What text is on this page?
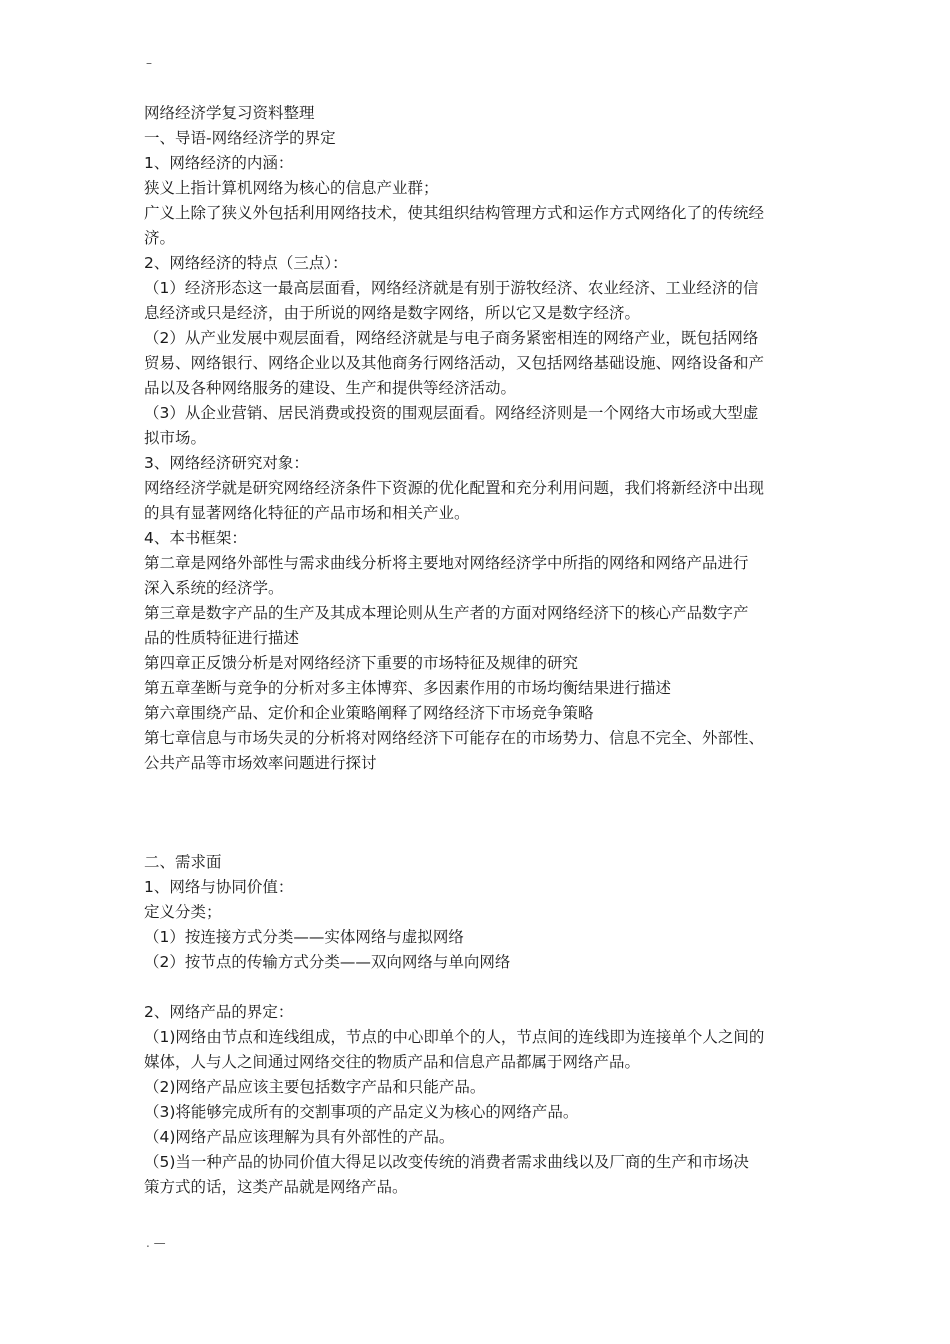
–
网络经济学复习资料整理
一、导语-网络经济学的界定
1、网络经济的内涵：
狭义上指计算机网络为核心的信息产业群；
广义上除了狭义外包括利用网络技术，使其组织结构管理方式和运作方式网络化了的传统经
济。
2、网络经济的特点（三点）：
（1）经济形态这一最高层面看，网络经济就是有别于游牧经济、农业经济、工业经济的信
息经济或只是经济，由于所说的网络是数字网络，所以它又是数字经济。
（2）从产业发展中观层面看，网络经济就是与电子商务紧密相连的网络产业，既包括网络
贸易、网络银行、网络企业以及其他商务行网络活动，又包括网络基础设施、网络设备和产
品以及各种网络服务的建设、生产和提供等经济活动。
（3）从企业营销、居民消费或投资的围观层面看。网络经济则是一个网络大市场或大型虚
拟市场。
3、网络经济研究对象：
网络经济学就是研究网络经济条件下资源的优化配置和充分利用问题，我们将新经济中出现
的具有显著网络化特征的产品市场和相关产业。
4、本书框架：
第二章是网络外部性与需求曲线分析将主要地对网络经济学中所指的网络和网络产品进行
深入系统的经济学。
第三章是数字产品的生产及其成本理论则从生产者的方面对网络经济下的核心产品数字产
品的性质特征进行描述
第四章正反馈分析是对网络经济下重要的市场特征及规律的研究
第五章垄断与竞争的分析对多主体博弈、多因素作用的市场均衡结果进行描述
第六章围绕产品、定价和企业策略阐释了网络经济下市场竞争策略
第七章信息与市场失灵的分析将对网络经济下可能存在的市场势力、信息不完全、外部性、
公共产品等市场效率问题进行探讨
二、需求面
1、网络与协同价值：
定义分类；
（1）按连接方式分类——实体网络与虚拟网络
（2）按节点的传输方式分类——双向网络与单向网络
2、网络产品的界定：
（1)网络由节点和连线组成，节点的中心即单个的人，节点间的连线即为连接单个人之间的
媒体，人与人之间通过网络交往的物质产品和信息产品都属于网络产品。
（2)网络产品应该主要包括数字产品和只能产品。
（3)将能够完成所有的交割事项的产品定义为核心的网络产品。
（4)网络产品应该理解为具有外部性的产品。
（5)当一种产品的协同价值大得足以改变传统的消费者需求曲线以及厂商的生产和市场决
策方式的话，这类产品就是网络产品。
. —
